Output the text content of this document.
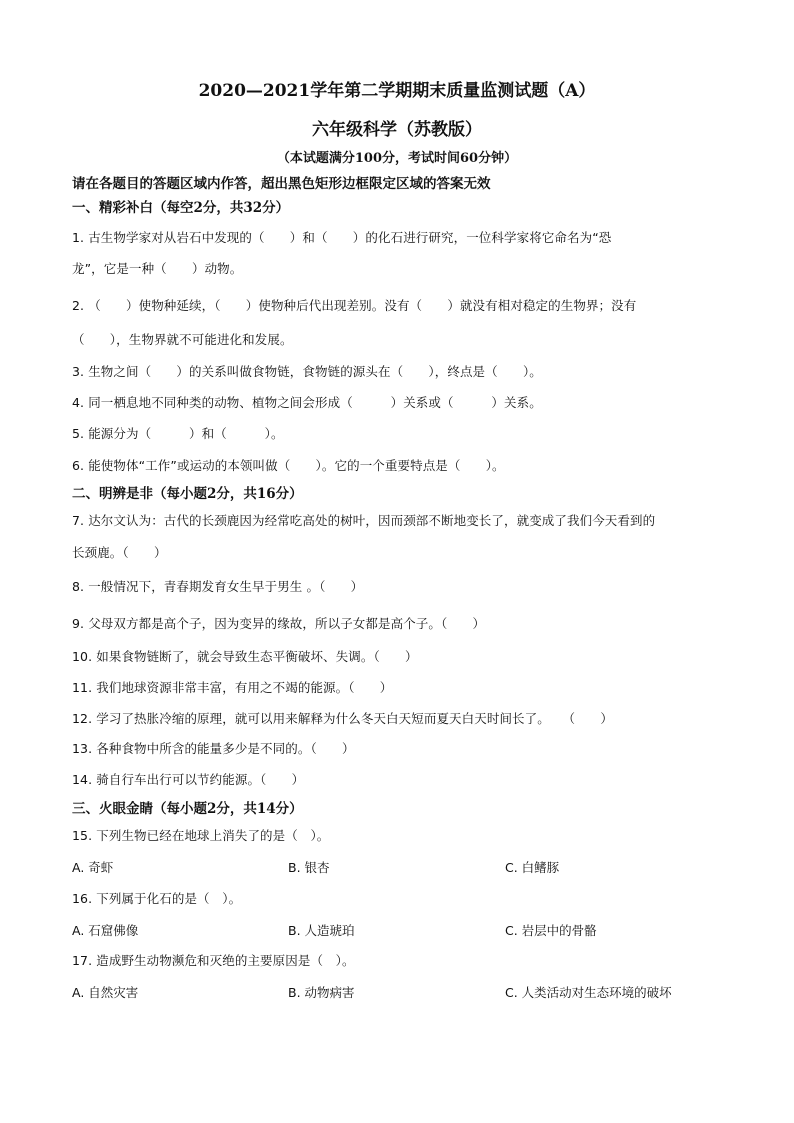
2020—2021学年第二学期期末质量监测试题（A）
六年级科学（苏教版）
（本试题满分100分，考试时间60分钟）
请在各题目的答题区域内作答，超出黑色矩形边框限定区域的答案无效
一、精彩补白（每空2分，共32分）
1. 古生物学家对从岩石中发现的（　　）和（　　）的化石进行研究，一位科学家将它命名为“恐
龙”，它是一种（　　）动物。
2. （　　）使物种延续，（　　）使物种后代出现差别。没有（　　）就没有相对稳定的生物界；没有
（　　），生物界就不可能进化和发展。
3. 生物之间（　　）的关系叫做食物链，食物链的源头在（　　），终点是（　　）。
4. 同一栖息地不同种类的动物、植物之间会形成（　　　）关系或（　　　）关系。
5. 能源分为（　　　）和（　　　）。
6. 能使物体“工作”或运动的本领叫做（　　）。它的一个重要特点是（　　）。
二、明辨是非（每小题2分，共16分）
7. 达尔文认为：古代的长颈鹿因为经常吃高处的树叶，因而颈部不断地变长了，就变成了我们今天看到的
长颈鹿。（　　）
8. 一般情况下，青春期发育女生早于男生 。（　　）
9. 父母双方都是高个子，因为变异的缘故，所以子女都是高个子。（　　）
10. 如果食物链断了，就会导致生态平衡破坏、失调。（　　）
11. 我们地球资源非常丰富，有用之不竭的能源。（　　）
12. 学习了热胀冷缩的原理，就可以用来解释为什么冬天白天短而夏天白天时间长了。　　（　　）
13. 各种食物中所含的能量多少是不同的。（　　）
14. 骑自行车出行可以节约能源。（　　）
三、火眼金睛（每小题2分，共14分）
15. 下列生物已经在地球上消失了的是（　）。
A. 奇虾	B. 银杏	C. 白鳍豚
16. 下列属于化石的是（　）。
A. 石窟佛像	B. 人造琥珀	C. 岩层中的骨骼
17. 造成野生动物濒危和灭绝的主要原因是（　）。
A. 自然灾害	B. 动物病害	C. 人类活动对生态环境的破坏
